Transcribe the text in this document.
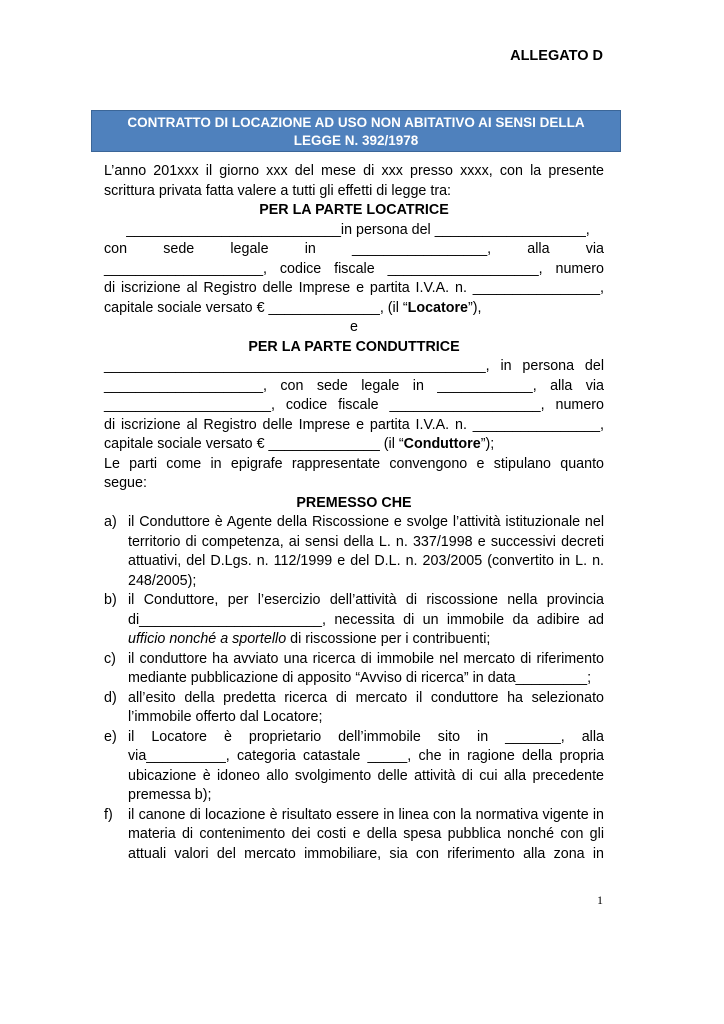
ALLEGATO D
CONTRATTO DI LOCAZIONE AD USO NON ABITATIVO AI SENSI DELLA
LEGGE N. 392/1978

L’anno 201xxx il giorno xxx del mese di xxx presso xxxx, con la presente

scrittura privata fatta valere a tutti gli effetti di legge tra:

PER LA PARTE LOCATRICE

___________________________in persona del ___________________,

con sede legale in _________________, alla via

____________________, codice fiscale ___________________, numero

di iscrizione al Registro delle Imprese e partita I.V.A. n. ________________,

capitale sociale versato € ______________, (il “Locatore”),

e

PER LA PARTE CONDUTTRICE

________________________________________________, in persona del

____________________, con sede legale in ____________, alla via

_____________________, codice fiscale ___________________, numero

di iscrizione al Registro delle Imprese e partita I.V.A. n. ________________,

capitale sociale versato € ______________ (il “Conduttore”);

Le parti come in epigrafe rappresentate convengono e stipulano quanto

segue:

PREMESSO CHE

a) il Conduttore è Agente della Riscossione e svolge l’attività istituzionale nel territorio di competenza, ai sensi della L. n. 337/1998 e successivi decreti attuativi, del D.Lgs. n. 112/1999 e del D.L. n. 203/2005 (convertito in L. n. 248/2005);
b) il Conduttore, per l’esercizio dell’attività di riscossione nella provincia di_______________________, necessita di un immobile da adibire ad ufficio nonché a sportello di riscossione per i contribuenti;
c) il conduttore ha avviato una ricerca di immobile nel mercato di riferimento mediante pubblicazione di apposito “Avviso di ricerca” in data_________;
d) all’esito della predetta ricerca di mercato il conduttore ha selezionato l’immobile offerto dal Locatore;
e) il Locatore è proprietario dell’immobile sito in _______, alla via__________, categoria catastale _____, che in ragione della propria ubicazione è idoneo allo svolgimento delle attività di cui alla precedente premessa b);
f) il canone di locazione è risultato essere in linea con la normativa vigente in materia di contenimento dei costi e della spesa pubblica nonché con gli attuali valori del mercato immobiliare, sia con riferimento alla zona in
1
